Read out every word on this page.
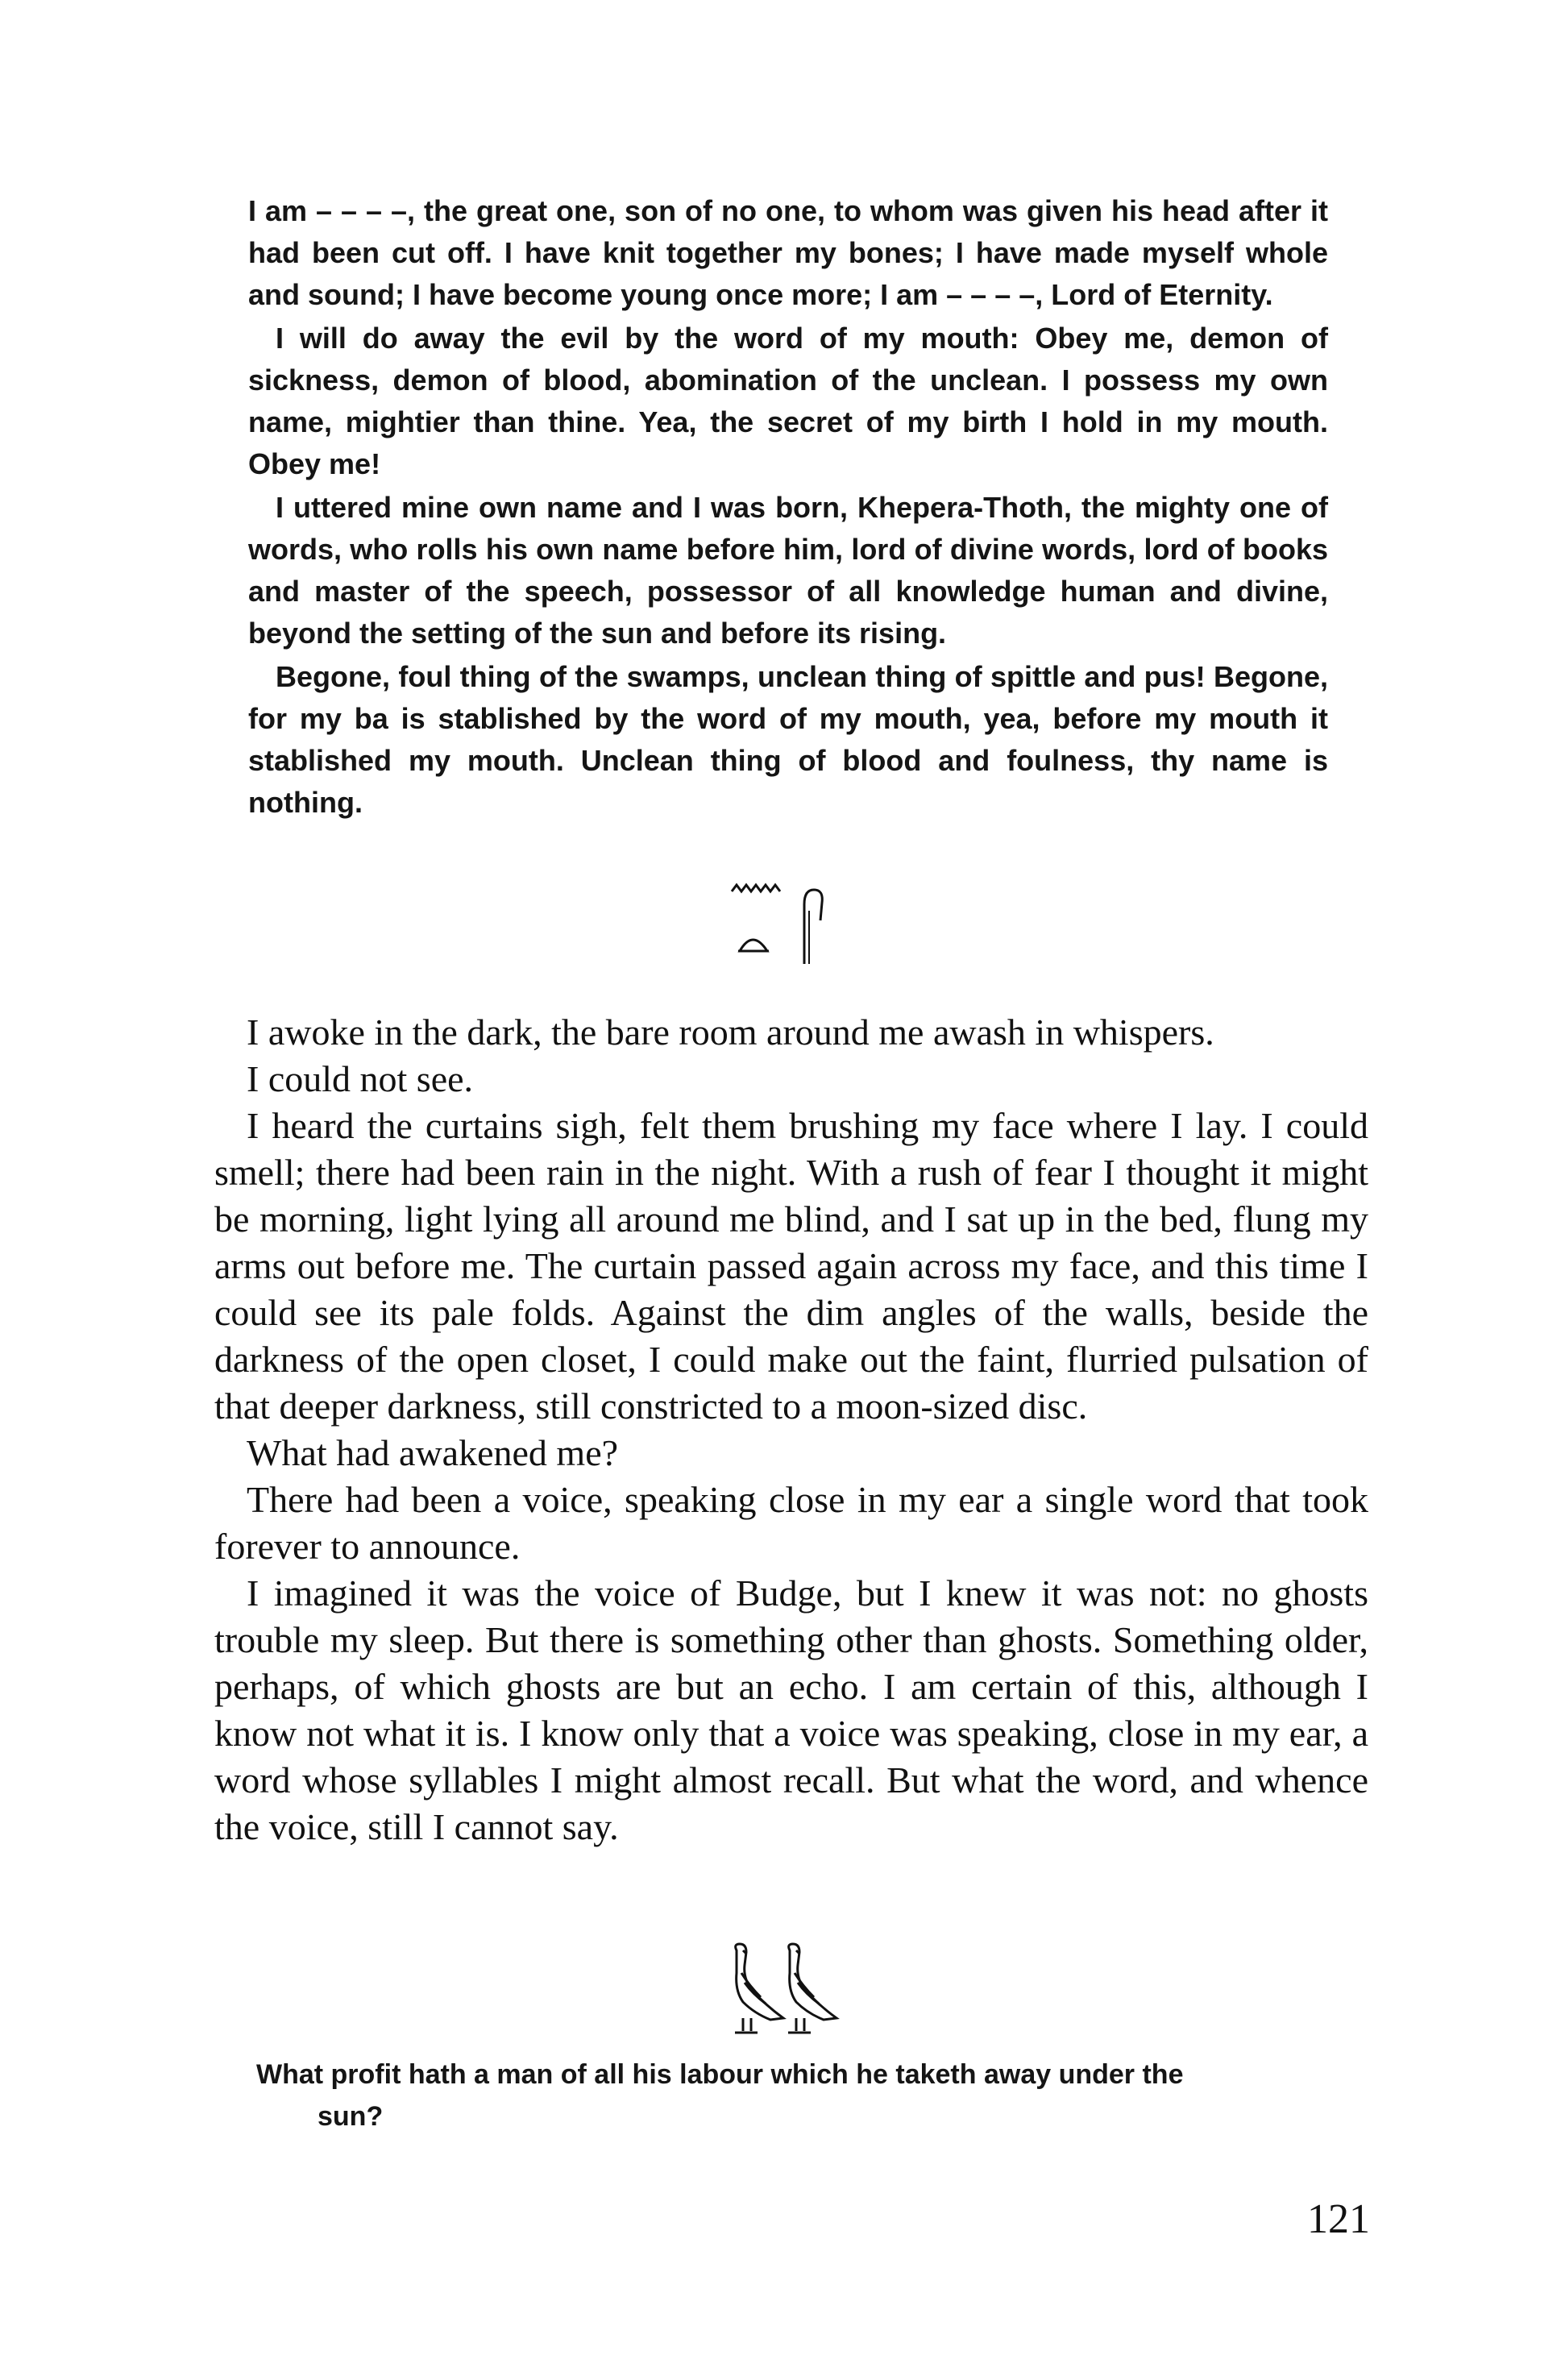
I am – – – –, the great one, son of no one, to whom was given his head after it had been cut off. I have knit together my bones; I have made myself whole and sound; I have become young once more; I am – – – –, Lord of Eternity.

I will do away the evil by the word of my mouth: Obey me, demon of sickness, demon of blood, abomination of the unclean. I possess my own name, mightier than thine. Yea, the secret of my birth I hold in my mouth. Obey me!

I uttered mine own name and I was born, Khepera-Thoth, the mighty one of words, who rolls his own name before him, lord of divine words, lord of books and master of the speech, possessor of all knowledge human and divine, beyond the setting of the sun and before its rising.

Begone, foul thing of the swamps, unclean thing of spittle and pus! Begone, for my ba is stablished by the word of my mouth, yea, before my mouth it stablished my mouth. Unclean thing of blood and foulness, thy name is nothing.

I awoke in the dark, the bare room around me awash in whispers.

I could not see.

I heard the curtains sigh, felt them brushing my face where I lay. I could smell; there had been rain in the night. With a rush of fear I thought it might be morning, light lying all around me blind, and I sat up in the bed, flung my arms out before me. The curtain passed again across my face, and this time I could see its pale folds. Against the dim angles of the walls, beside the darkness of the open closet, I could make out the faint, flurried pulsation of that deeper darkness, still constricted to a moon-sized disc.

What had awakened me?

There had been a voice, speaking close in my ear a single word that took forever to announce.

I imagined it was the voice of Budge, but I knew it was not: no ghosts trouble my sleep. But there is something other than ghosts. Something older, perhaps, of which ghosts are but an echo. I am certain of this, although I know not what it is. I know only that a voice was speaking, close in my ear, a word whose syllables I might almost recall. But what the word, and whence the voice, still I cannot say.

What profit hath a man of all his labour which he taketh away under the
sun?
121
